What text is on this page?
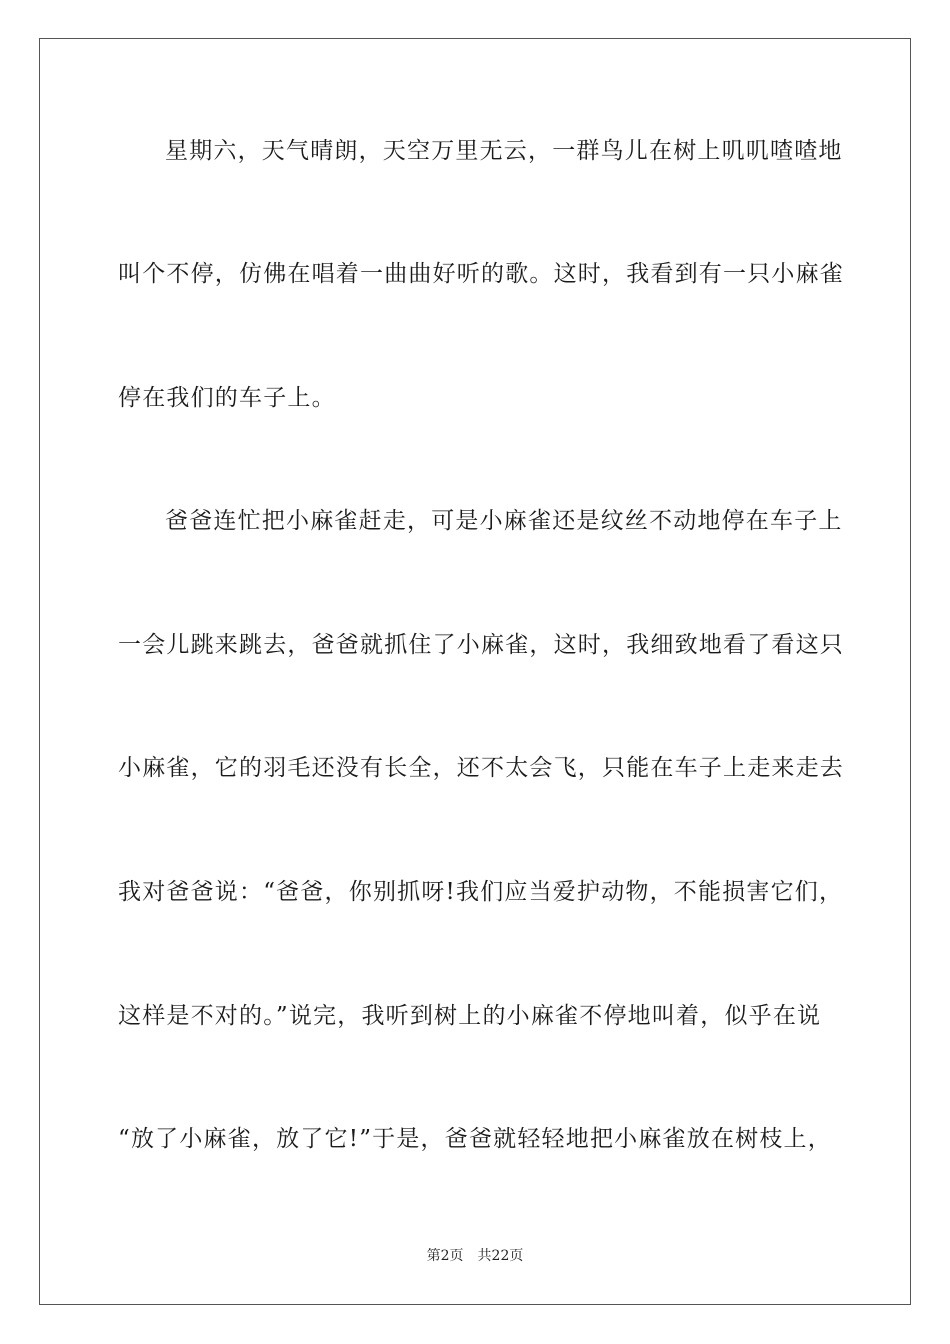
星期六，天气晴朗，天空万里无云，一群鸟儿在树上叽叽喳喳地
叫个不停，仿佛在唱着一曲曲好听的歌。这时，我看到有一只小麻雀
停在我们的车子上。
爸爸连忙把小麻雀赶走，可是小麻雀还是纹丝不动地停在车子上
一会儿跳来跳去，爸爸就抓住了小麻雀，这时，我细致地看了看这只
小麻雀，它的羽毛还没有长全，还不太会飞，只能在车子上走来走去
我对爸爸说：“爸爸，你别抓呀!我们应当爱护动物，不能损害它们，
这样是不对的。”说完，我听到树上的小麻雀不停地叫着，似乎在说
“放了小麻雀，放了它!”于是，爸爸就轻轻地把小麻雀放在树枝上，
第2页 共22页
